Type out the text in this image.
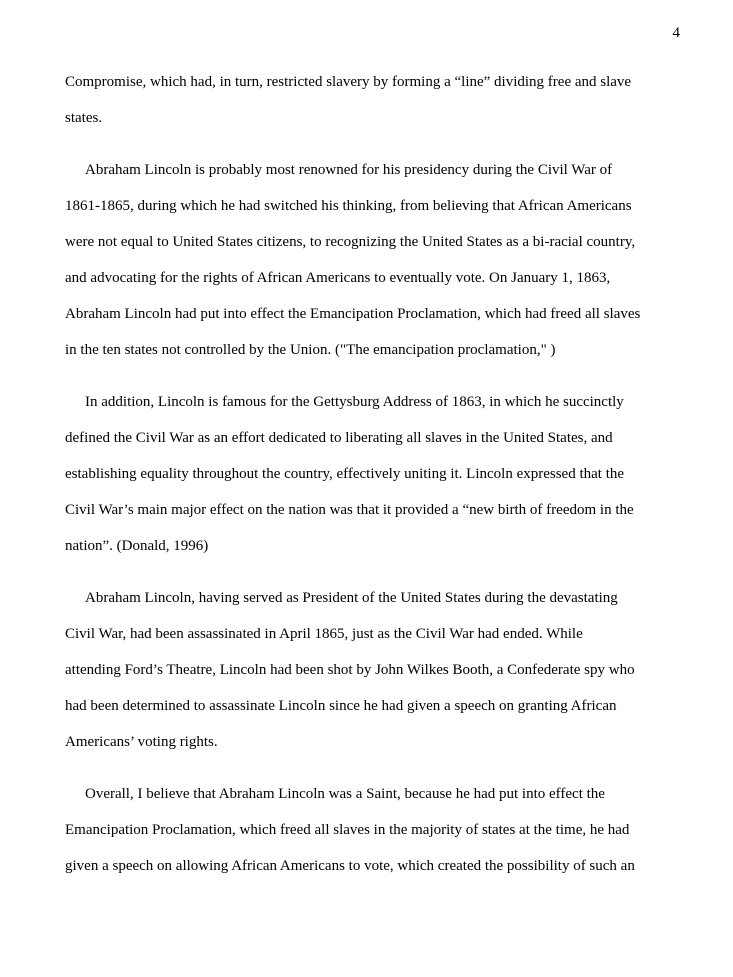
4

Compromise, which had, in turn, restricted slavery by forming a “line” dividing free and slave
states.

Abraham Lincoln is probably most renowned for his presidency during the Civil War of
1861-1865, during which he had switched his thinking, from believing that African Americans
were not equal to United States citizens, to recognizing the United States as a bi-racial country,
and advocating for the rights of African Americans to eventually vote. On January 1, 1863,
Abraham Lincoln had put into effect the Emancipation Proclamation, which had freed all slaves
in the ten states not controlled by the Union. ("The emancipation proclamation," )

In addition, Lincoln is famous for the Gettysburg Address of 1863, in which he succinctly
defined the Civil War as an effort dedicated to liberating all slaves in the United States, and
establishing equality throughout the country, effectively uniting it. Lincoln expressed that the
Civil War’s main major effect on the nation was that it provided a “new birth of freedom in the
nation”. (Donald, 1996)

Abraham Lincoln, having served as President of the United States during the devastating
Civil War, had been assassinated in April 1865, just as the Civil War had ended. While
attending Ford’s Theatre, Lincoln had been shot by John Wilkes Booth, a Confederate spy who
had been determined to assassinate Lincoln since he had given a speech on granting African
Americans’ voting rights.

Overall, I believe that Abraham Lincoln was a Saint, because he had put into effect the
Emancipation Proclamation, which freed all slaves in the majority of states at the time, he had
given a speech on allowing African Americans to vote, which created the possibility of such an
